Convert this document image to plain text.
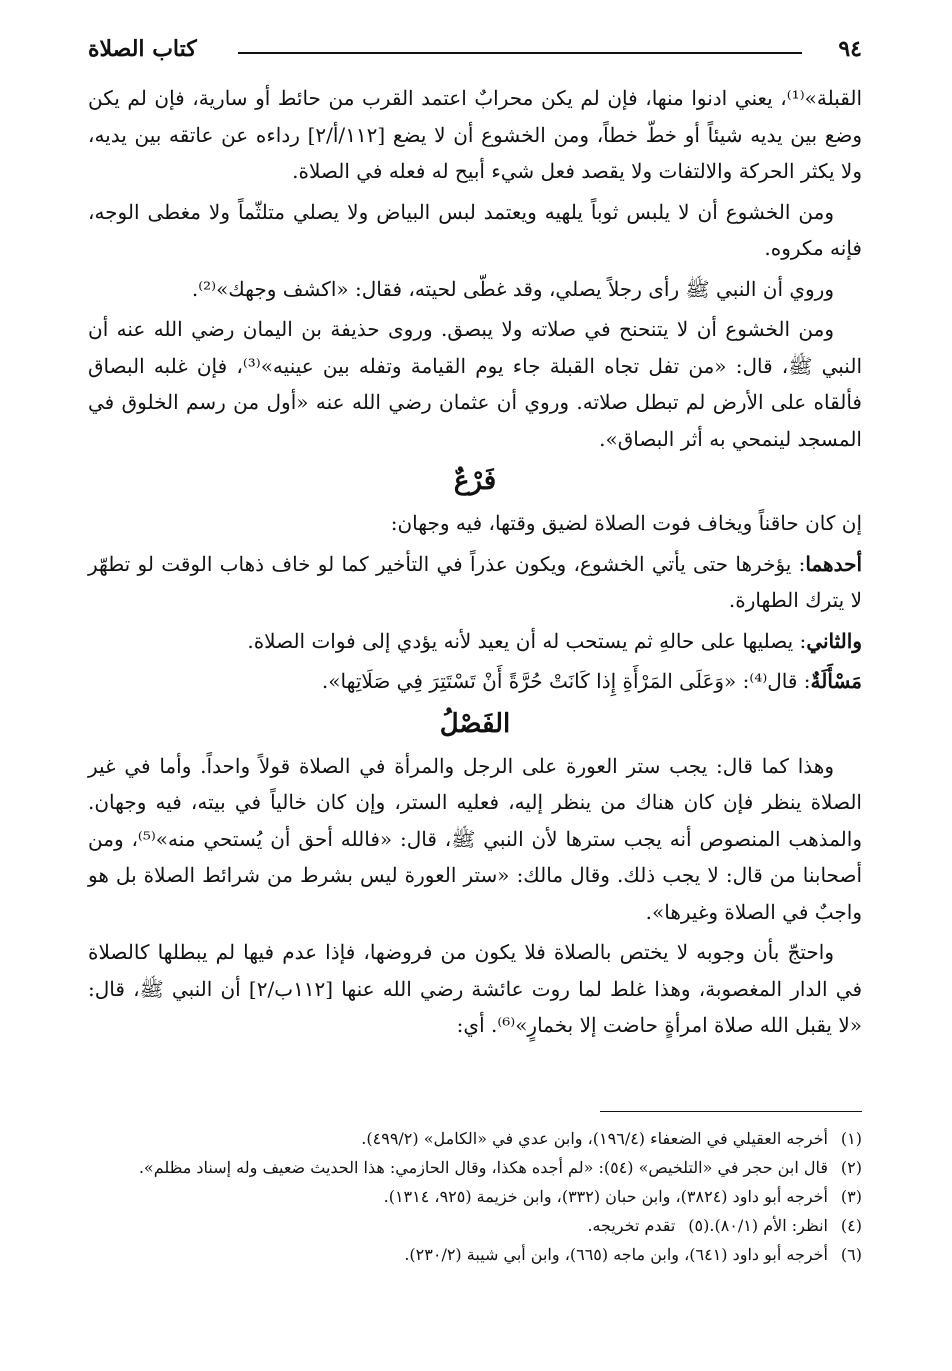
٩٤
كتاب الصلاة

القبلة»⁽¹⁾، يعني ادنوا منها، فإن لم يكن محرابٌ اعتمد القرب من حائط أو سارية، فإن لم يكن وضع بين يديه شيئاً أو خطّ خطاً، ومن الخشوع أن لا يضع [١١٢/أ/٢] رداءه عن عاتقه بين يديه، ولا يكثر الحركة والالتفات ولا يقصد فعل شيء أبيح له فعله في الصلاة.

ومن الخشوع أن لا يلبس ثوباً يلهيه ويعتمد لبس البياض ولا يصلي متلثّماً ولا مغطى الوجه، فإنه مكروه.

وروي أن النبي ﷺ رأى رجلاً يصلي، وقد غطّى لحيته، فقال: «اكشف وجهك»⁽²⁾.

ومن الخشوع أن لا يتنحنح في صلاته ولا يبصق. وروى حذيفة بن اليمان رضي الله عنه أن النبي ﷺ، قال: «من تفل تجاه القبلة جاء يوم القيامة وتفله بين عينيه»⁽³⁾، فإن غلبه البصاق فألقاه على الأرض لم تبطل صلاته. وروي أن عثمان رضي الله عنه «أول من رسم الخلوق في المسجد لينمحي به أثر البصاق».

فَرْعٌ

إن كان حاقناً ويخاف فوت الصلاة لضيق وقتها، فيه وجهان:

أحدهما: يؤخرها حتى يأتي الخشوع، ويكون عذراً في التأخير كما لو خاف ذهاب الوقت لو تطهّر لا يترك الطهارة.

والثاني: يصليها على حالهِ ثم يستحب له أن يعيد لأنه يؤدي إلى فوات الصلاة.

مَسْأَلَةٌ: قال⁽⁴⁾: «وَعَلَى المَرْأَةِ إِذا كَانَتْ حُرَّةً أَنْ تَسْتَتِرَ فِي صَلَاتِها».

الفَصْلُ

وهذا كما قال: يجب ستر العورة على الرجل والمرأة في الصلاة قولاً واحداً. وأما في غير الصلاة ينظر فإن كان هناك من ينظر إليه، فعليه الستر، وإن كان خالياً في بيته، فيه وجهان. والمذهب المنصوص أنه يجب سترها لأن النبي ﷺ، قال: «فالله أحق أن يُستحي منه»⁽⁵⁾، ومن أصحابنا من قال: لا يجب ذلك. وقال مالك: «ستر العورة ليس بشرط من شرائط الصلاة بل هو واجبٌ في الصلاة وغيرها».

واحتجّ بأن وجوبه لا يختص بالصلاة فلا يكون من فروضها، فإذا عدم فيها لم يبطلها كالصلاة في الدار المغصوبة، وهذا غلط لما روت عائشة رضي الله عنها [١١٢ب/٢] أن النبي ﷺ، قال: «لا يقبل الله صلاة امرأةٍ حاضت إلا بخمارٍ»⁽⁶⁾. أي:

(١)أخرجه العقيلي في الضعفاء (١٩٦/٤)، وابن عدي في «الكامل» (٤٩٩/٢).

(٢)قال ابن حجر في «التلخيص» (٥٤): «لم أجده هكذا، وقال الحازمي: هذا الحديث ضعيف وله إسناد مظلم».

(٣)أخرجه أبو داود (٣٨٢٤)، وابن حبان (٣٣٢)، وابن خزيمة (٩٢٥، ١٣١٤).

(٤)انظر: الأم (٨٠/١).
(٥)تقدم تخريجه.

(٦)أخرجه أبو داود (٦٤١)، وابن ماجه (٦٦٥)، وابن أبي شيبة (٢٣٠/٢).
